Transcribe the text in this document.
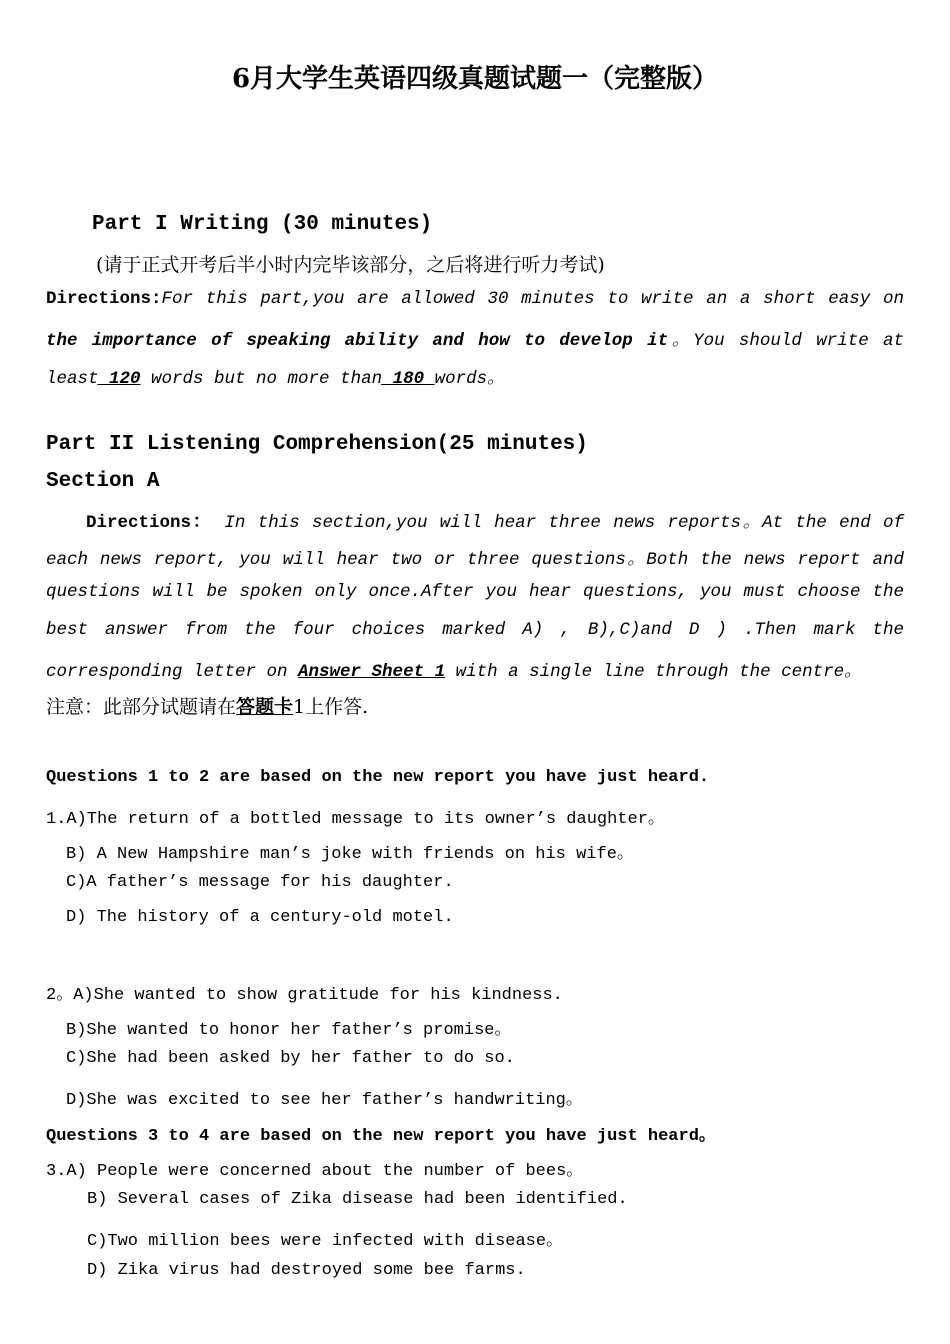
6月大学生英语四级真题试题一（完整版）
Part I Writing (30 minutes)
(请于正式开考后半小时内完毕该部分，之后将进行听力考试)
Directions:For this part,you are allowed 30 minutes to write an a short easy on
the importance of speaking ability and how to develop it。You should write at
least_120 words but no more than_180 words。
Part II Listening Comprehension(25 minutes)
Section A
Directions： In this section,you will hear three news reports。At the end of
each news report, you will hear two or three questions。Both the news report and
questions will be spoken only once.After you hear questions, you must choose the
best answer from the four choices marked A) , B),C)and D ) .Then mark the
corresponding letter on Answer Sheet 1 with a single line through the centre。
注意：此部分试题请在答题卡1上作答.
Questions 1 to 2 are based on the new report you have just heard.
1.A)The return of a bottled message to its owner’s daughter。
B) A New Hampshire man’s joke with friends on his wife。
C)A father’s message for his daughter.
D) The history of a century-old motel.
2。A)She wanted to show gratitude for his kindness.
B)She wanted to honor her father’s promise。
C)She had been asked by her father to do so.
D)She was excited to see her father’s handwriting。
Questions 3 to 4 are based on the new report you have just heard。
3.A) People were concerned about the number of bees。
B) Several cases of Zika disease had been identified.
C)Two million bees were infected with disease。
D) Zika virus had destroyed some bee farms.
